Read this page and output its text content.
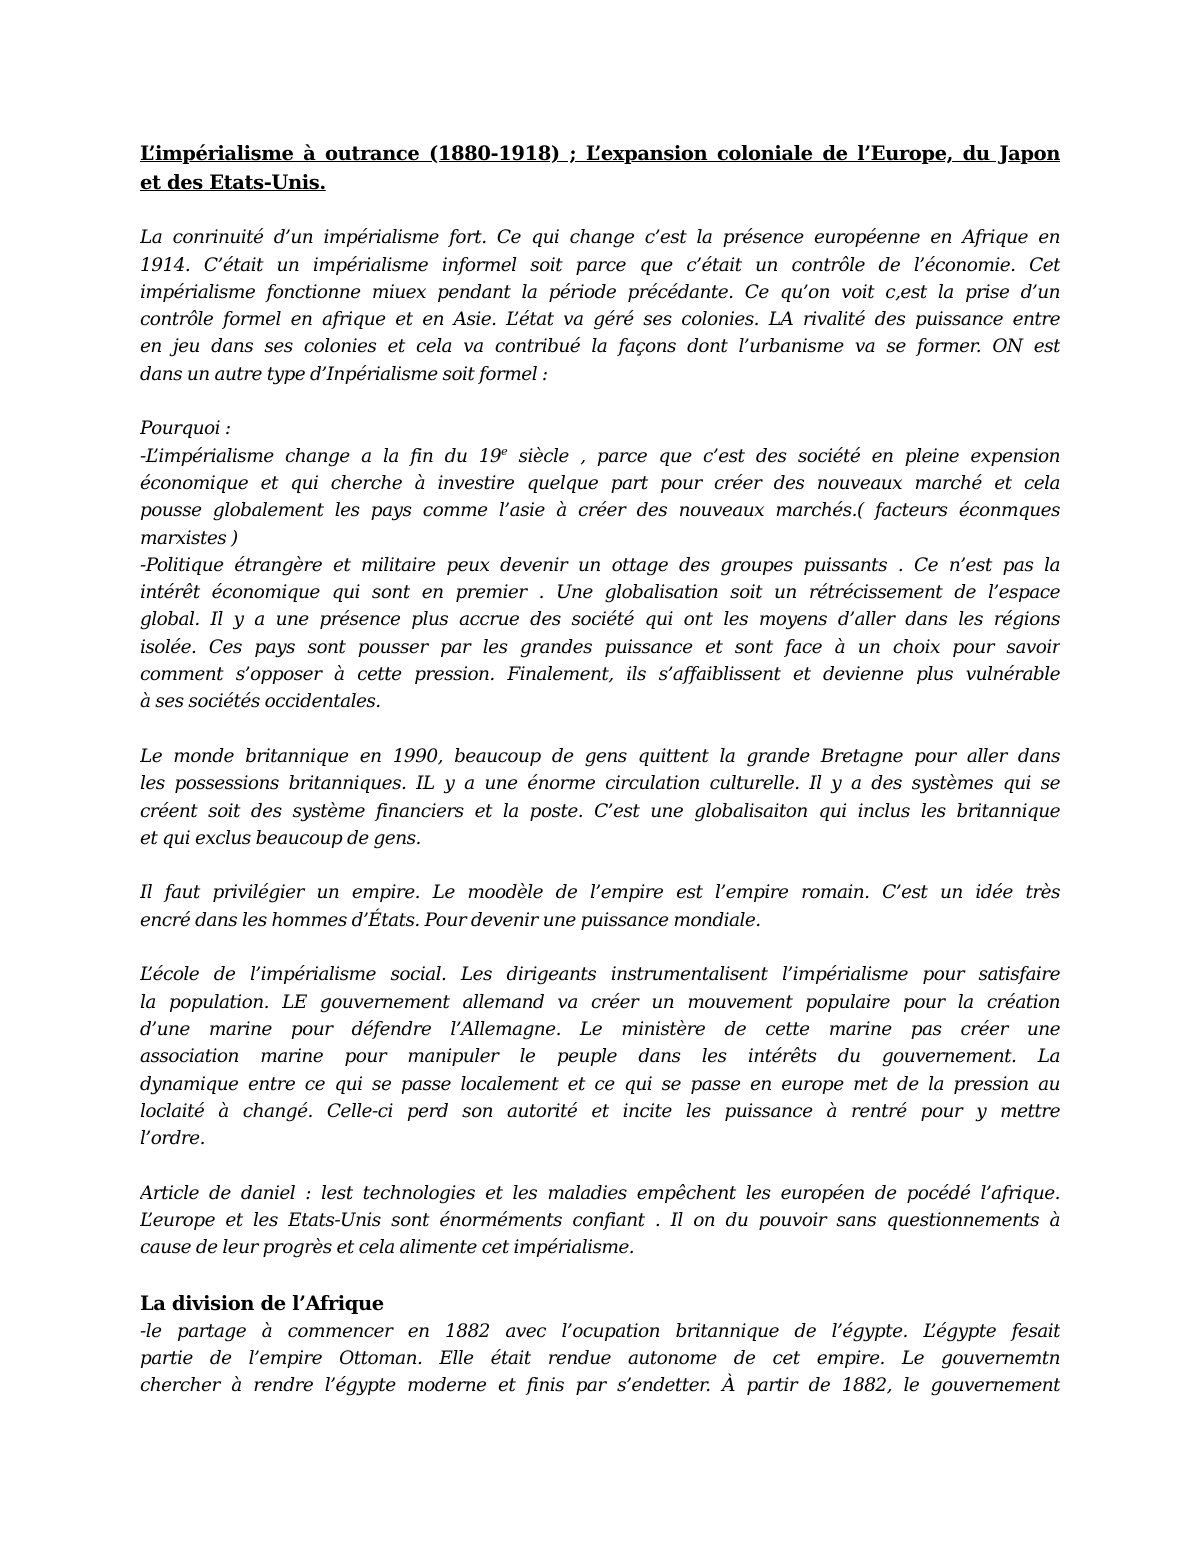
L’impérialisme à outrance (1880-1918) ; L’expansion coloniale de l’Europe, du Japon
et des Etats-Unis.
La conrinuité d’un impérialisme fort. Ce qui change c’est la présence européenne en Afrique en
1914. C’était un impérialisme informel soit parce que c’était un contrôle de l’économie. Cet
impérialisme fonctionne miuex pendant la période précédante. Ce qu’on voit c,est la prise d’un
contrôle formel en afrique et en Asie. L’état va géré ses colonies. LA rivalité des puissance entre
en jeu dans ses colonies et cela va contribué la façons dont l’urbanisme va se former. ON est
dans un autre type d’Inpérialisme soit formel :
Pourquoi :
-L’impérialisme change a la fin du 19e siècle , parce que c’est des société en pleine expension
économique et qui cherche à investire quelque part pour créer des nouveaux marché et cela
pousse globalement les pays comme l’asie à créer des nouveaux marchés.( facteurs éconmques
marxistes )
-Politique étrangère et militaire peux devenir un ottage des groupes puissants . Ce n’est pas la
intérêt économique qui sont en premier . Une globalisation soit un rétrécissement de l’espace
global. Il y a une présence plus accrue des société qui ont les moyens d’aller dans les régions
isolée. Ces pays sont pousser par les grandes puissance et sont face à un choix pour savoir
comment s’opposer à cette pression. Finalement, ils s’affaiblissent et devienne plus vulnérable
à ses sociétés occidentales.
Le monde britannique en 1990, beaucoup de gens quittent la grande Bretagne pour aller dans
les possessions britanniques. IL y a une énorme circulation culturelle. Il y a des systèmes qui se
créent soit des système financiers et la poste. C’est une globalisaiton qui inclus les britannique
et qui exclus beaucoup de gens.
Il faut privilégier un empire. Le moodèle de l’empire est l’empire romain. C’est un idée très
encré dans les hommes d’États. Pour devenir une puissance mondiale.
L’école de l’impérialisme social. Les dirigeants instrumentalisent l’impérialisme pour satisfaire
la population. LE gouvernement allemand va créer un mouvement populaire pour la création
d’une marine pour défendre l’Allemagne. Le ministère de cette marine pas créer une
association marine pour manipuler le peuple dans les intérêts du gouvernement. La
dynamique entre ce qui se passe localement et ce qui se passe en europe met de la pression au
loclaité à changé. Celle-ci perd son autorité et incite les puissance à rentré pour y mettre
l’ordre.
Article de daniel : lest technologies et les maladies empêchent les européen de pocédé l’afrique.
L’europe et les Etats-Unis sont énorméments confiant . Il on du pouvoir sans questionnements à
cause de leur progrès et cela alimente cet impérialisme.
La division de l’Afrique
-le partage à commencer en 1882 avec l’ocupation britannique de l’égypte. L’égypte fesait
partie de l’empire Ottoman. Elle était rendue autonome de cet empire. Le gouvernemtn
chercher à rendre l’égypte moderne et finis par s’endetter. À partir de 1882, le gouvernement
